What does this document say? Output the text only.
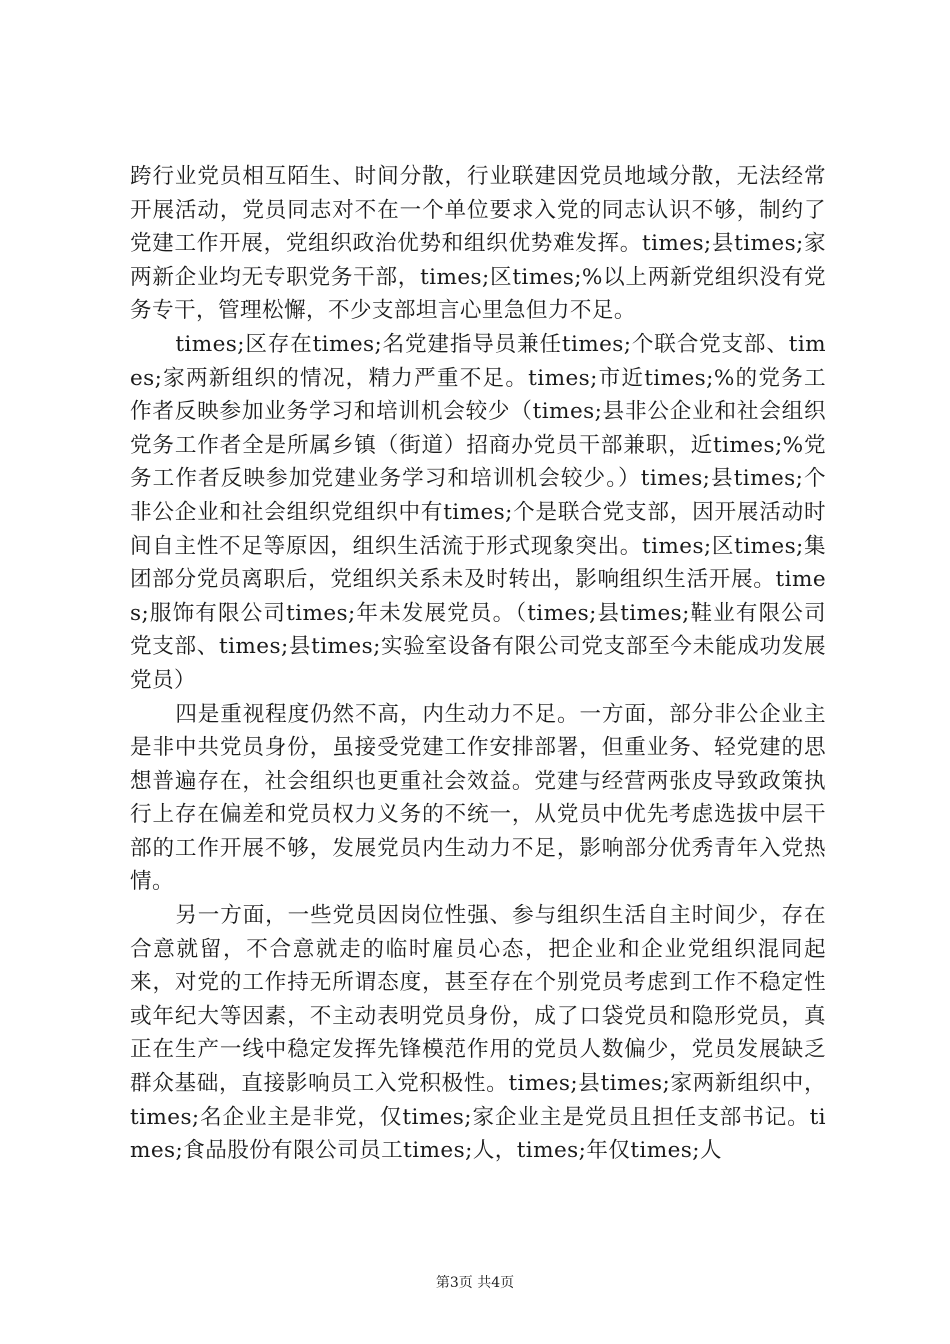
跨行业党员相互陌生、时间分散，行业联建因党员地域分散，无法经常开展活动，党员同志对不在一个单位要求入党的同志认识不够，制约了党建工作开展，党组织政治优势和组织优势难发挥。times;县times;家两新企业均无专职党务干部，times;区times;%以上两新党组织没有党务专干，管理松懈，不少支部坦言心里急但力不足。

times;区存在times;名党建指导员兼任times;个联合党支部、times;家两新组织的情况，精力严重不足。times;市近times;%的党务工作者反映参加业务学习和培训机会较少（times;县非公企业和社会组织党务工作者全是所属乡镇（街道）招商办党员干部兼职，近times;%党务工作者反映参加党建业务学习和培训机会较少。）times;县times;个非公企业和社会组织党组织中有times;个是联合党支部，因开展活动时间自主性不足等原因，组织生活流于形式现象突出。times;区times;集团部分党员离职后，党组织关系未及时转出，影响组织生活开展。times;服饰有限公司times;年未发展党员。（times;县times;鞋业有限公司党支部、times;县times;实验室设备有限公司党支部至今未能成功发展党员）

四是重视程度仍然不高，内生动力不足。一方面，部分非公企业主是非中共党员身份，虽接受党建工作安排部署，但重业务、轻党建的思想普遍存在，社会组织也更重社会效益。党建与经营两张皮导致政策执行上存在偏差和党员权力义务的不统一，从党员中优先考虑选拔中层干部的工作开展不够，发展党员内生动力不足，影响部分优秀青年入党热情。

另一方面，一些党员因岗位性强、参与组织生活自主时间少，存在合意就留，不合意就走的临时雇员心态，把企业和企业党组织混同起来，对党的工作持无所谓态度，甚至存在个别党员考虑到工作不稳定性或年纪大等因素，不主动表明党员身份，成了口袋党员和隐形党员，真正在生产一线中稳定发挥先锋模范作用的党员人数偏少，党员发展缺乏群众基础，直接影响员工入党积极性。times;县times;家两新组织中，times;名企业主是非党，仅times;家企业主是党员且担任支部书记。times;食品股份有限公司员工times;人，times;年仅times;人

第3页 共4页
